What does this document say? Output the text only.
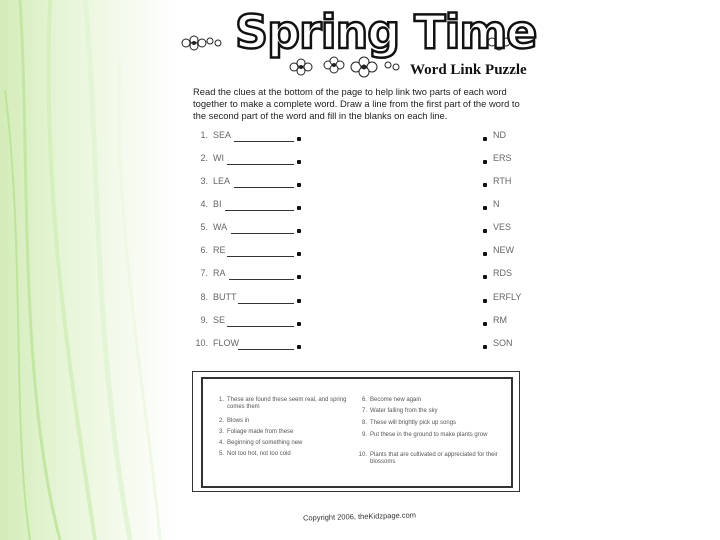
Spring Time
Word Link Puzzle

Read the clues at the bottom of the page to help link two parts of each word together to make a complete word. Draw a line from the first part of the word to the second part of the word and fill in the blanks on each line.

1. SEA	ND
2. WI	ERS
3. LEA	RTH
4. BI	N
5. WA	VES
6. RE	NEW
7. RA	RDS
8. BUTT	ERFLY
9. SE	RM
10. FLOW	SON
1. These are found these seem real, and spring comes them
2. Blows in
3. Foliage made from these
4. Beginning of something new
5. Not too hot, not too cold
6. Become new again
7. Water falling from the sky
8. These will brightly pick up songs
9. Put these in the ground to make plants grow
10. Plants that are cultivated or appreciated for their blossoms

Copyright 2006, theKidzpage.com
